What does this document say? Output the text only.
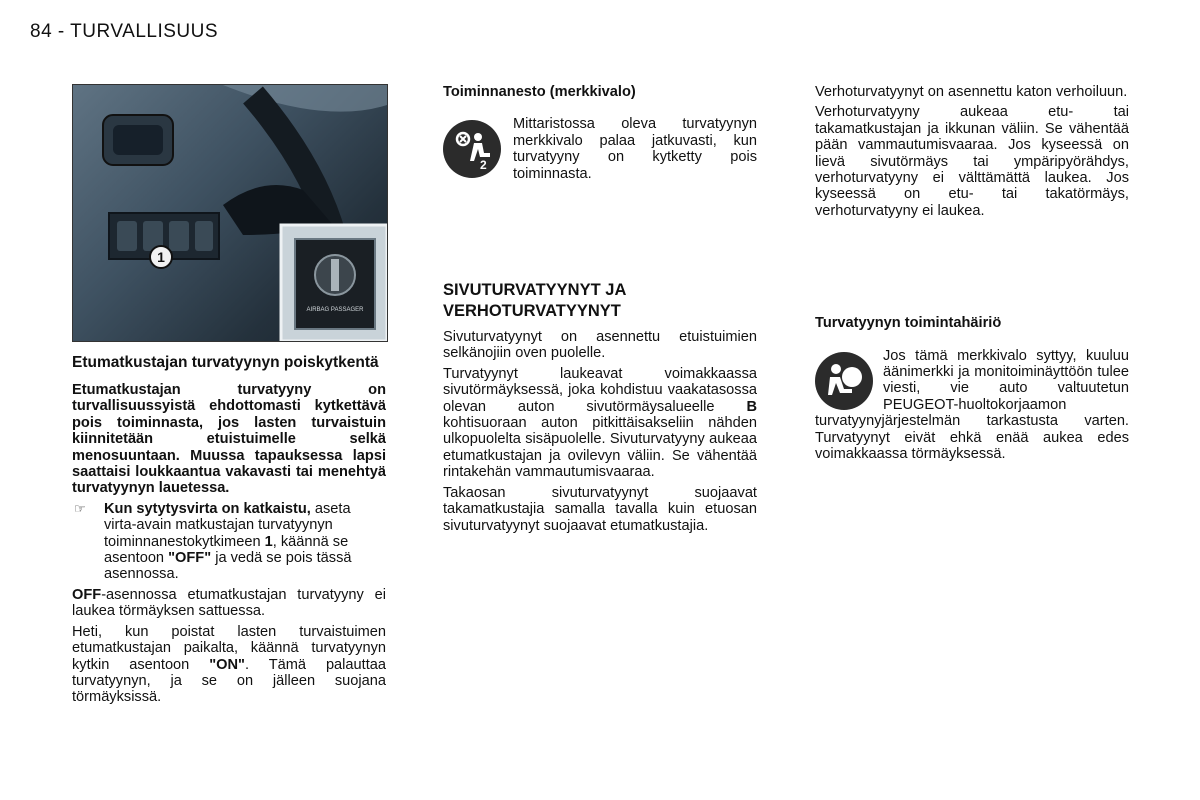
84 - TURVALLISUUS
1
AIRBAG PASSAGER
Etumatkustajan turvatyynyn poiskytkentä

Etumatkustajan turvatyyny on turvallisuussyistä ehdottomasti kytkettävä pois toiminnasta, jos lasten turvaistuin kiinnitetään etuistuimelle selkä menosuuntaan. Muussa tapauksessa lapsi saattaisi loukkaantua vakavasti tai menehtyä turvatyynyn lauetessa.

☞	Kun sytytysvirta on katkaistu, aseta virta-avain matkustajan turvatyynyn toiminnanestokytkimeen 1, käännä se asentoon "OFF" ja vedä se pois tässä asennossa.

OFF-asennossa etumatkustajan turvatyyny ei laukea törmäyksen sattuessa.

Heti, kun poistat lasten turvaistuimen etumatkustajan paikalta, käännä turvatyynyn kytkin asentoon "ON". Tämä palauttaa turvatyynyn, ja se on jälleen suojana törmäyksissä.

Toiminnanesto (merkkivalo)

2
Mittaristossa oleva turvatyynyn merkkivalo palaa jatkuvasti, kun turvatyyny on kytketty pois toiminnasta.
SIVUTURVATYYNYT JA
VERHOTURVATYYNYT

Sivuturvatyynyt on asennettu etuistuimien selkänojiin oven puolelle.

Turvatyynyt laukeavat voimakkaassa sivutörmäyksessä, joka kohdistuu vaakatasossa olevan auton sivutörmäysalueelle B kohtisuoraan auton pitkittäisakseliin nähden ulkopuolelta sisäpuolelle. Sivuturvatyyny aukeaa etumatkustajan ja ovilevyn väliin. Se vähentää rintakehän vammautumisvaaraa.

Takaosan sivuturvatyynyt suojaavat takamatkustajia samalla tavalla kuin etuosan sivuturvatyynyt suojaavat etumatkustajia.

Verhoturvatyynyt on asennettu katon verhoiluun.

Verhoturvatyyny aukeaa etu- tai takamatkustajan ja ikkunan väliin. Se vähentää pään vammautumisvaaraa. Jos kyseessä on lievä sivutörmäys tai ympäripyörähdys, verhoturvatyyny ei välttämättä laukea. Jos kyseessä on etu- tai takatörmäys, verhoturvatyyny ei laukea.

Turvatyynyn toimintahäiriö

Jos tämä merkkivalo syttyy, kuuluu äänimerkki ja monitoiminäyttöön tulee viesti, vie auto valtuutetun PEUGEOT-huoltokorjaamon turvatyynyjärjestelmän tarkastusta varten. Turvatyynyt eivät ehkä enää aukea edes voimakkaassa törmäyksessä.
